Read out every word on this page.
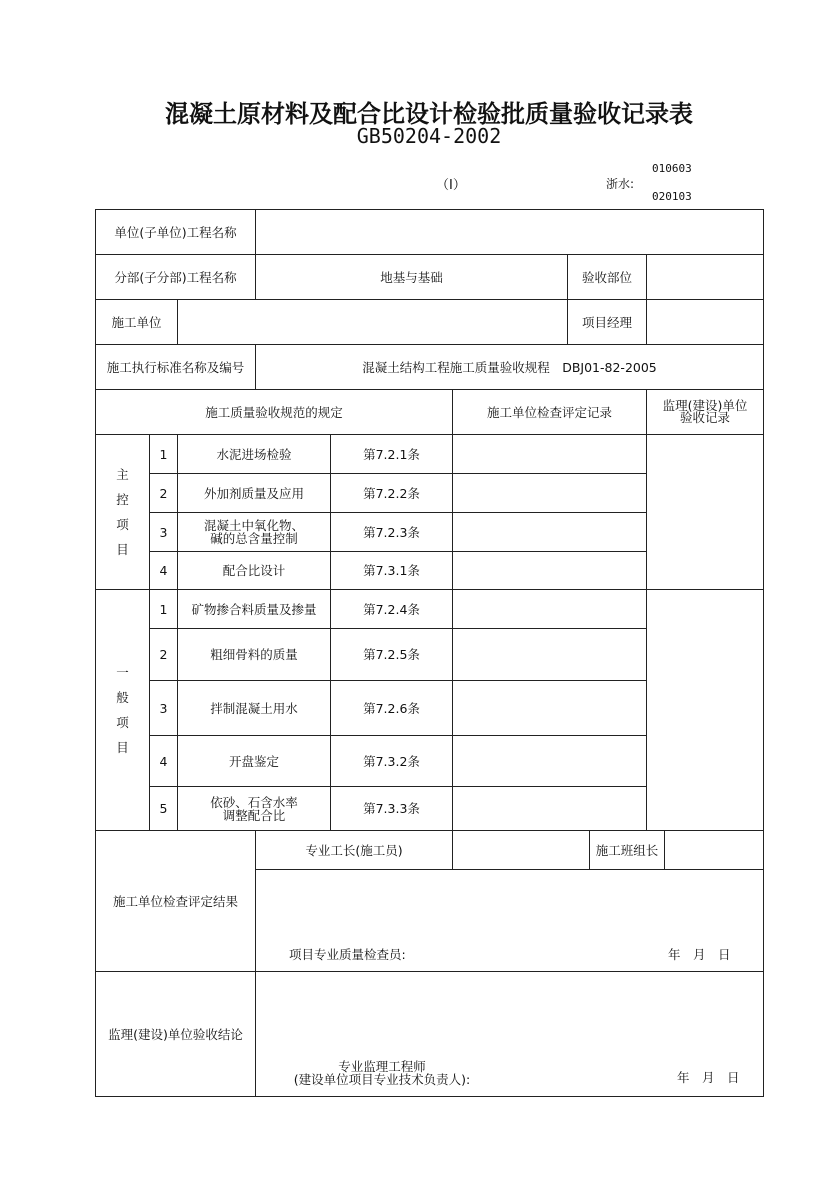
混凝土原材料及配合比设计检验批质量验收记录表
GB50204-2002
（Ⅰ）	浙水:
010603
020103
单位(子单位)工程名称
分部(子分部)工程名称	地基与基础	验收部位
施工单位	项目经理
施工执行标准名称及编号	混凝土结构工程施工质量验收规程　DBJ01-82-2005
施工质量验收规范的规定	施工单位检查评定记录	监理(建设)单位验收记录
主
控
项
目
1	水泥进场检验	第7.2.1条
2	外加剂质量及应用	第7.2.2条
3	混凝土中氧化物、
碱的总含量控制	第7.2.3条
4	配合比设计	第7.3.1条
一
般
项
目
1	矿物掺合料质量及掺量	第7.2.4条
2	粗细骨料的质量	第7.2.5条
3	拌制混凝土用水	第7.2.6条
4	开盘鉴定	第7.3.2条
5	依砂、石含水率
调整配合比	第7.3.3条
施工单位检查评定结果
专业工长(施工员)	施工班组长
项目专业质量检查员:	年　月　日
监理(建设)单位验收结论
专业监理工程师
(建设单位项目专业技术负责人):	年　月　日
